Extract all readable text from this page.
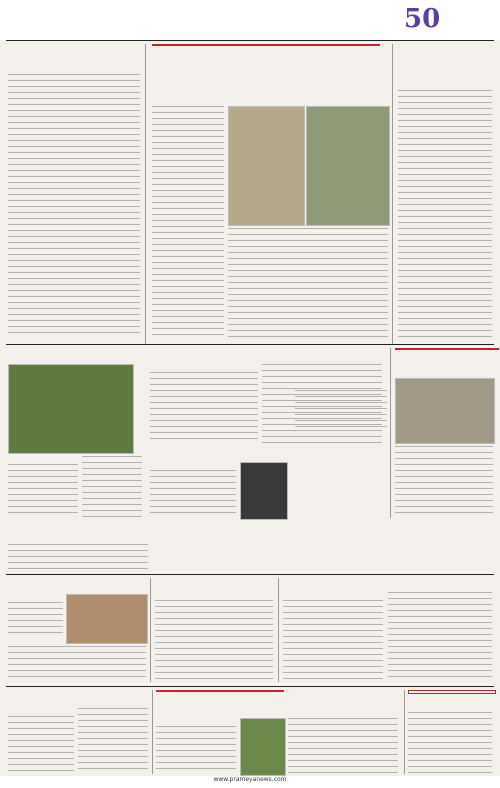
50
www.prameyanews.com
